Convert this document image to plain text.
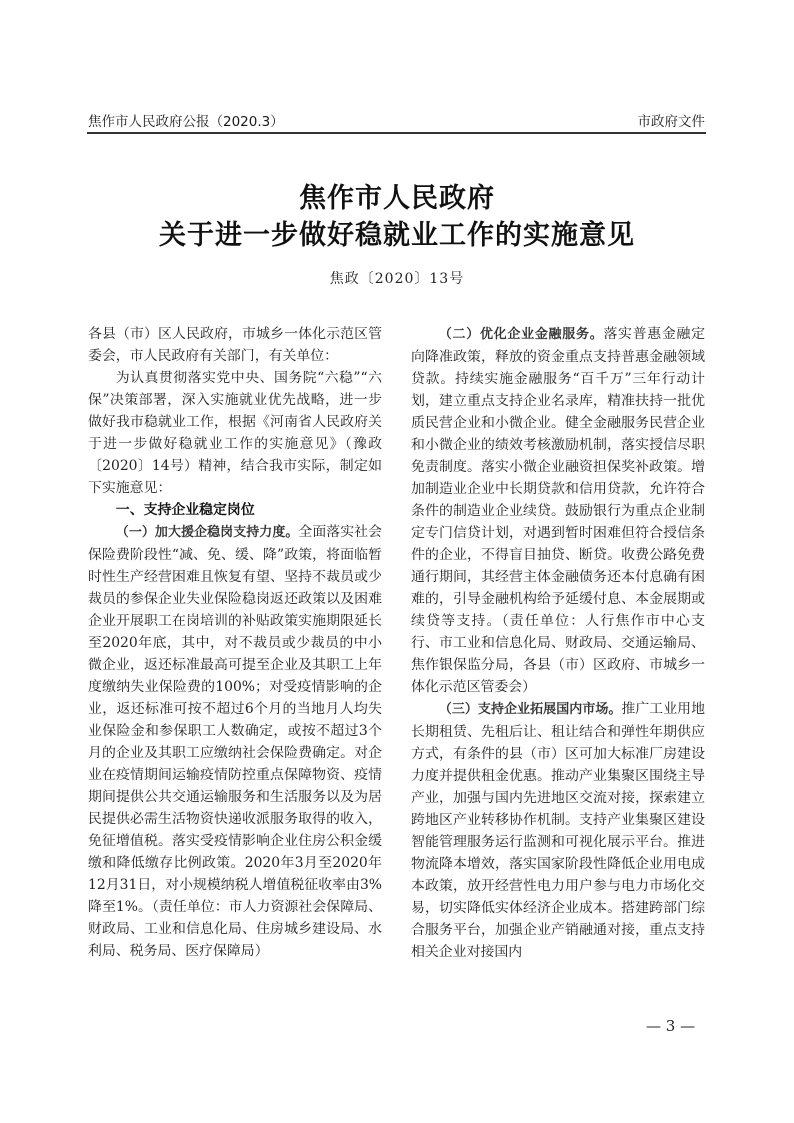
焦作市人民政府公报（2020.3）	市政府文件
焦作市人民政府
关于进一步做好稳就业工作的实施意见
焦政〔2020〕13号

各县（市）区人民政府，市城乡一体化示范区管委会，市人民政府有关部门，有关单位：

为认真贯彻落实党中央、国务院“六稳”“六保”决策部署，深入实施就业优先战略，进一步做好我市稳就业工作，根据《河南省人民政府关于进一步做好稳就业工作的实施意见》（豫政〔2020〕14号）精神，结合我市实际，制定如下实施意见：

一、支持企业稳定岗位

（一）加大援企稳岗支持力度。全面落实社会保险费阶段性“减、免、缓、降”政策，将面临暂时性生产经营困难且恢复有望、坚持不裁员或少裁员的参保企业失业保险稳岗返还政策以及困难企业开展职工在岗培训的补贴政策实施期限延长至2020年底，其中，对不裁员或少裁员的中小微企业，返还标准最高可提至企业及其职工上年度缴纳失业保险费的100%；对受疫情影响的企业，返还标准可按不超过6个月的当地月人均失业保险金和参保职工人数确定，或按不超过3个月的企业及其职工应缴纳社会保险费确定。对企业在疫情期间运输疫情防控重点保障物资、疫情期间提供公共交通运输服务和生活服务以及为居民提供必需生活物资快递收派服务取得的收入，免征增值税。落实受疫情影响企业住房公积金缓缴和降低缴存比例政策。2020年3月至2020年12月31日，对小规模纳税人增值税征收率由3%降至1%。（责任单位：市人力资源社会保障局、财政局、工业和信息化局、住房城乡建设局、水利局、税务局、医疗保障局）

（二）优化企业金融服务。落实普惠金融定向降准政策，释放的资金重点支持普惠金融领域贷款。持续实施金融服务“百千万”三年行动计划，建立重点支持企业名录库，精准扶持一批优质民营企业和小微企业。健全金融服务民营企业和小微企业的绩效考核激励机制，落实授信尽职免责制度。落实小微企业融资担保奖补政策。增加制造业企业中长期贷款和信用贷款，允许符合条件的制造业企业续贷。鼓励银行为重点企业制定专门信贷计划，对遇到暂时困难但符合授信条件的企业，不得盲目抽贷、断贷。收费公路免费通行期间，其经营主体金融债务还本付息确有困难的，引导金融机构给予延缓付息、本金展期或续贷等支持。（责任单位：人行焦作市中心支行、市工业和信息化局、财政局、交通运输局、焦作银保监分局，各县（市）区政府、市城乡一体化示范区管委会）

（三）支持企业拓展国内市场。推广工业用地长期租赁、先租后让、租让结合和弹性年期供应方式，有条件的县（市）区可加大标准厂房建设力度并提供租金优惠。推动产业集聚区围绕主导产业，加强与国内先进地区交流对接，探索建立跨地区产业转移协作机制。支持产业集聚区建设智能管理服务运行监测和可视化展示平台。推进物流降本增效，落实国家阶段性降低企业用电成本政策，放开经营性电力用户参与电力市场化交易，切实降低实体经济企业成本。搭建跨部门综合服务平台，加强企业产销融通对接，重点支持相关企业对接国内

— 3 —
